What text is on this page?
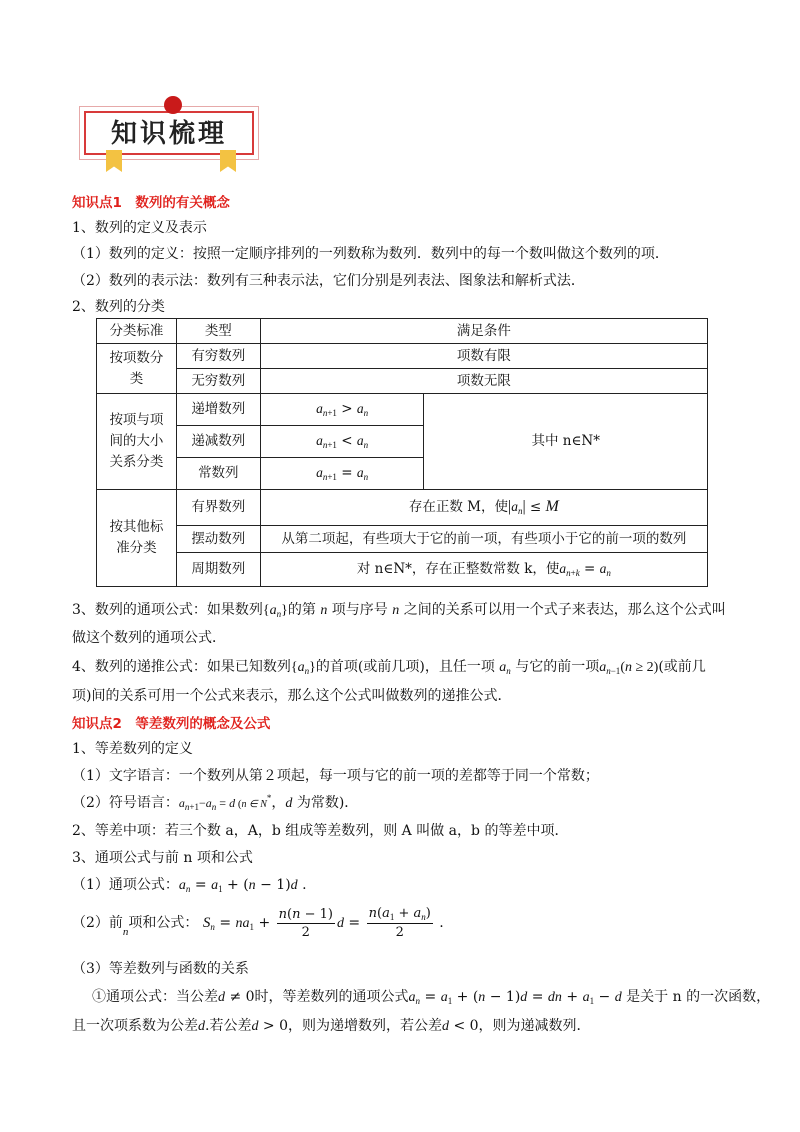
知识梳理
知识点1　数列的有关概念
1、数列的定义及表示
（1）数列的定义：按照一定顺序排列的一列数称为数列．数列中的每一个数叫做这个数列的项．
（2）数列的表示法：数列有三种表示法，它们分别是列表法、图象法和解析式法．
2、数列的分类
分类标准	类型	满足条件	
按项数分类	有穷数列	项数有限	
	无穷数列	项数无限	
按项与项间的大小关系分类	递增数列	$a_{n+1} > a_n$	其中 n∈N*
	递减数列	$a_{n+1} < a_n$
	常数列	$a_{n+1} = a_n$
按其他标准分类	有界数列	存在正数 M，使$|a_n| \le M$	
	摆动数列	从第二项起，有些项大于它的前一项，有些项小于它的前一项的数列	
	周期数列	对 n∈N*，存在正整数常数 k，使$a_{n+k} = a_n$
3、数列的通项公式：如果数列$\{a_n\}$的第 n 项与序号 n 之间的关系可以用一个式子来表达，那么这个公式叫
做这个数列的通项公式．
4、数列的递推公式：如果已知数列$\{a_n\}$的首项(或前几项)，且任一项 $a_n$ 与它的前一项$a_{n-1}(n \ge 2)$(或前几
项)间的关系可用一个公式来表示，那么这个公式叫做数列的递推公式．
知识点2　等差数列的概念及公式
1、等差数列的定义
（1）文字语言：一个数列从第２项起，每一项与它的前一项的差都等于同一个常数；
（2）符号语言：$a_{n+1}-a_n = d$ (n ∈ N*，d 为常数)．
2、等差中项：若三个数 a，A，b 组成等差数列，则 A 叫做 a，b 的等差中项．
3、通项公式与前 n 项和公式
（1）通项公式：$a_n = a_1 + (n - 1)d$ .
（2）前$_n$项和公式： $S_n = na_1 + \frac{n(n - 1)}{2}$ $d = \frac{n(a_1 + a_n)}{2}$ .
（3）等差数列与函数的关系
①通项公式：当公差d ≠ 0时，等差数列的通项公式$a_n = a_1 + (n - 1)d$ = dn + $a_1 - d$ 是关于 n 的一次函数，
且一次项系数为公差d.若公差d > 0，则为递增数列，若公差d < 0，则为递减数列．
